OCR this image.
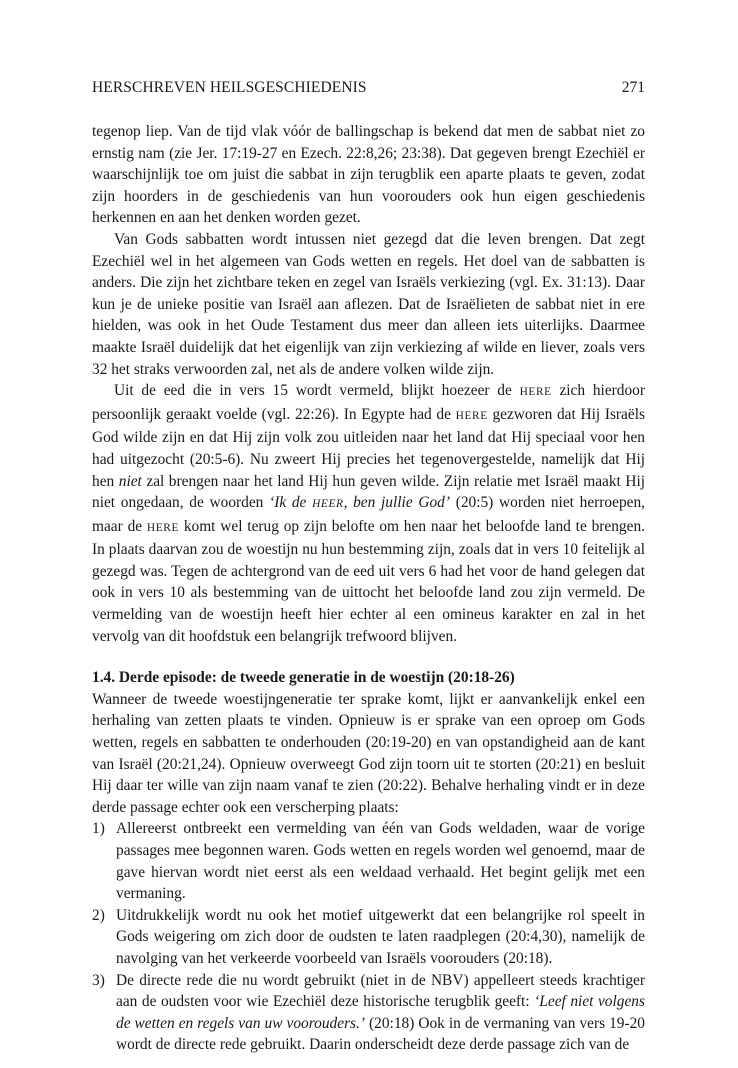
HERSCHREVEN HEILSGESCHIEDENIS	271

tegenop liep. Van de tijd vlak vóór de ballingschap is bekend dat men de sabbat niet zo ernstig nam (zie Jer. 17:19-27 en Ezech. 22:8,26; 23:38). Dat gegeven brengt Ezechiël er waarschijnlijk toe om juist die sabbat in zijn terugblik een aparte plaats te geven, zodat zijn hoorders in de geschiedenis van hun voorouders ook hun eigen geschiedenis herkennen en aan het denken worden gezet.

Van Gods sabbatten wordt intussen niet gezegd dat die leven brengen. Dat zegt Ezechiël wel in het algemeen van Gods wetten en regels. Het doel van de sabbatten is anders. Die zijn het zichtbare teken en zegel van Israëls verkiezing (vgl. Ex. 31:13). Daar kun je de unieke positie van Israël aan aflezen. Dat de Israëlieten de sabbat niet in ere hielden, was ook in het Oude Testament dus meer dan alleen iets uiterlijks. Daarmee maakte Israël duidelijk dat het eigenlijk van zijn verkiezing af wilde en liever, zoals vers 32 het straks verwoorden zal, net als de andere volken wilde zijn.

Uit de eed die in vers 15 wordt vermeld, blijkt hoezeer de HERE zich hierdoor persoonlijk geraakt voelde (vgl. 22:26). In Egypte had de HERE gezworen dat Hij Israëls God wilde zijn en dat Hij zijn volk zou uitleiden naar het land dat Hij speciaal voor hen had uitgezocht (20:5-6). Nu zweert Hij precies het tegenovergestelde, namelijk dat Hij hen niet zal brengen naar het land Hij hun geven wilde. Zijn relatie met Israël maakt Hij niet ongedaan, de woorden ‘Ik de HEER, ben jullie God’ (20:5) worden niet herroepen, maar de HERE komt wel terug op zijn belofte om hen naar het beloofde land te brengen. In plaats daarvan zou de woestijn nu hun bestemming zijn, zoals dat in vers 10 feitelijk al gezegd was. Tegen de achtergrond van de eed uit vers 6 had het voor de hand gelegen dat ook in vers 10 als bestemming van de uittocht het beloofde land zou zijn vermeld. De vermelding van de woestijn heeft hier echter al een omineus karakter en zal in het vervolg van dit hoofdstuk een belangrijk trefwoord blijven.

1.4. Derde episode: de tweede generatie in de woestijn (20:18-26)

Wanneer de tweede woestijngeneratie ter sprake komt, lijkt er aanvankelijk enkel een herhaling van zetten plaats te vinden. Opnieuw is er sprake van een oproep om Gods wetten, regels en sabbatten te onderhouden (20:19-20) en van opstandigheid aan de kant van Israël (20:21,24). Opnieuw overweegt God zijn toorn uit te storten (20:21) en besluit Hij daar ter wille van zijn naam vanaf te zien (20:22). Behalve herhaling vindt er in deze derde passage echter ook een verscherping plaats:

1) Allereerst ontbreekt een vermelding van één van Gods weldaden, waar de vorige passages mee begonnen waren. Gods wetten en regels worden wel genoemd, maar de gave hiervan wordt niet eerst als een weldaad verhaald. Het begint gelijk met een vermaning.
2) Uitdrukkelijk wordt nu ook het motief uitgewerkt dat een belangrijke rol speelt in Gods weigering om zich door de oudsten te laten raadplegen (20:4,30), namelijk de navolging van het verkeerde voorbeeld van Israëls voorouders (20:18).
3) De directe rede die nu wordt gebruikt (niet in de NBV) appelleert steeds krachtiger aan de oudsten voor wie Ezechiël deze historische terugblik geeft: ‘Leef niet volgens de wetten en regels van uw voorouders.’ (20:18) Ook in de vermaning van vers 19-20 wordt de directe rede gebruikt. Daarin onderscheidt deze derde passage zich van de
